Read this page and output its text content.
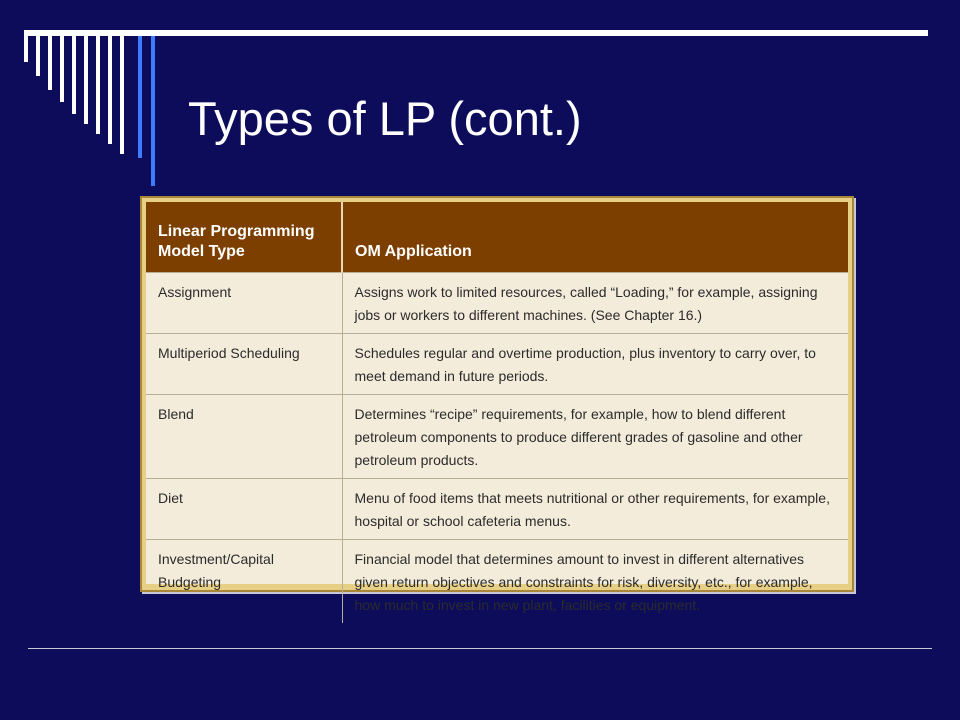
Types of LP (cont.)
Linear Programming
Model Type	OM Application
Assignment	Assigns work to limited resources, called “Loading,” for example, assigning jobs or workers to different machines. (See Chapter 16.)
Multiperiod Scheduling	Schedules regular and overtime production, plus inventory to carry over, to meet demand in future periods.
Blend	Determines “recipe” requirements, for example, how to blend different petroleum components to produce different grades of gasoline and other petroleum products.
Diet	Menu of food items that meets nutritional or other requirements, for example, hospital or school cafeteria menus.
Investment/Capital Budgeting	Financial model that determines amount to invest in different alternatives given return objectives and constraints for risk, diversity, etc., for example, how much to invest in new plant, facilities or equipment.
